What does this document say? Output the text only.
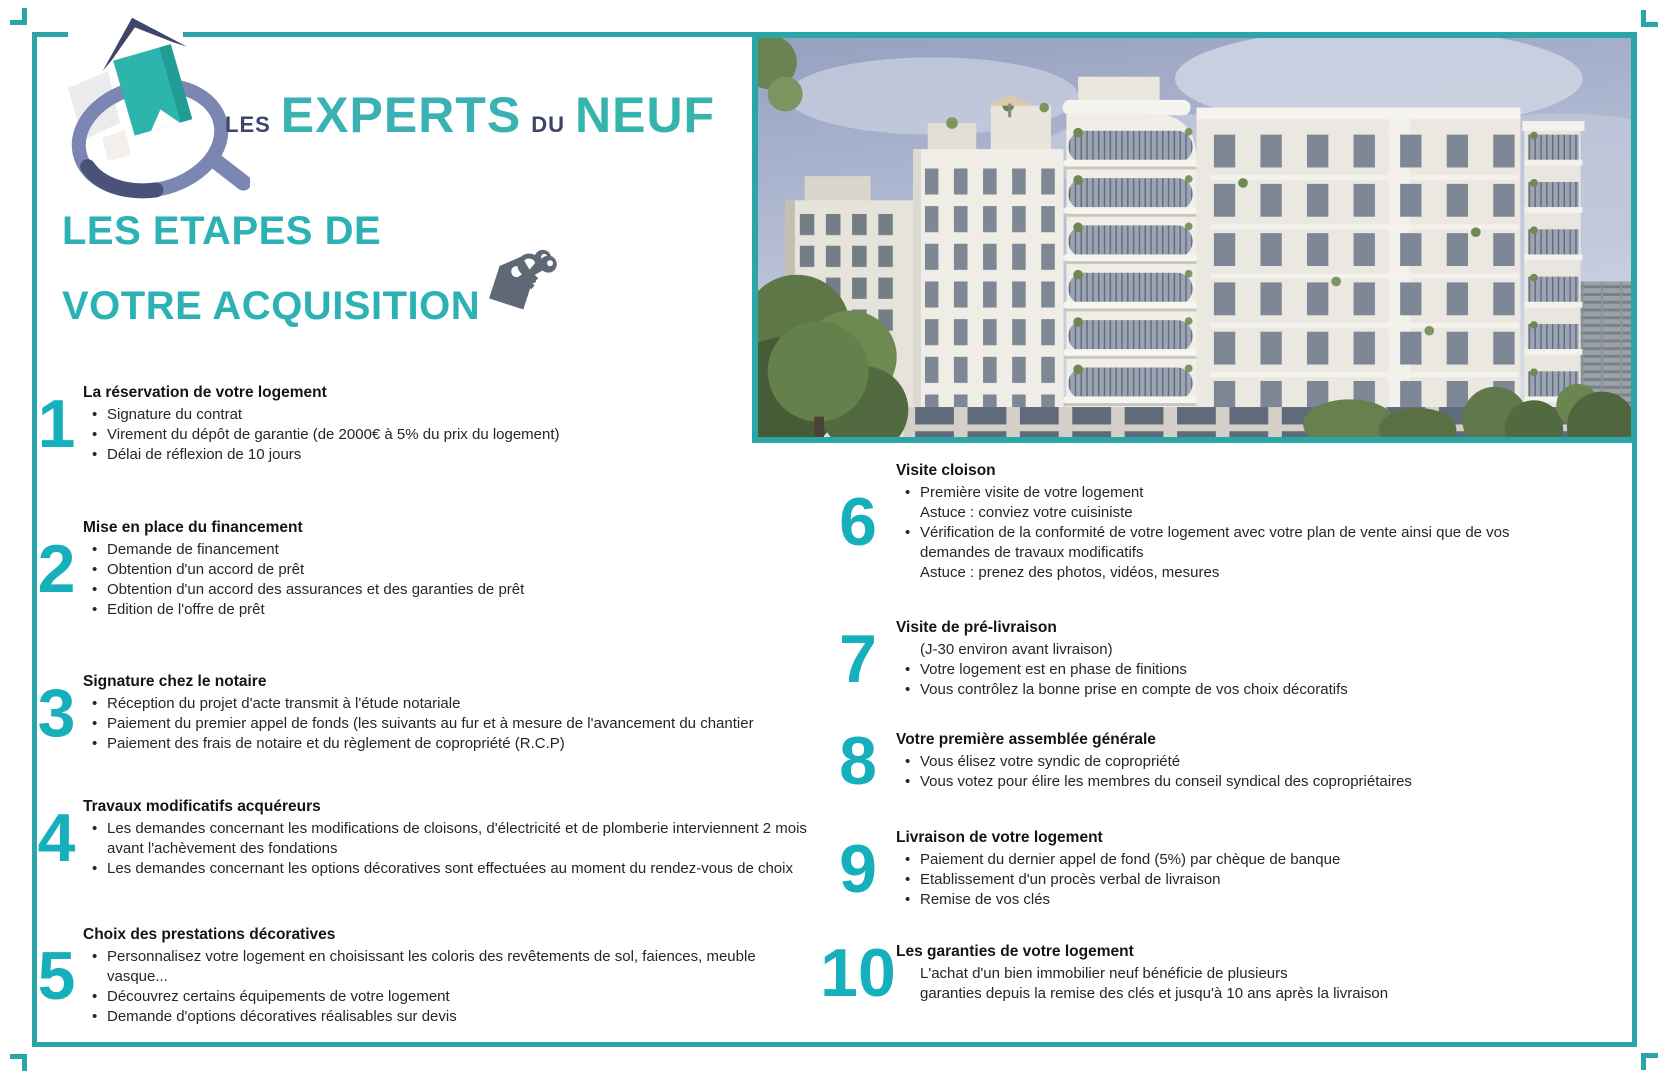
LES EXPERTS DU NEUF
LES ETAPES DE
VOTRE ACQUISITION
1 La réservation de votre logement
• Signature du contrat
• Virement du dépôt de garantie (de 2000€ à 5% du prix du logement)
• Délai de réflexion de 10 jours
2
Mise en place du financement
• Demande de financement
• Obtention d'un accord de prêt
• Obtention d'un accord des assurances et des garanties de prêt
• Edition de l'offre de prêt
3 Signature chez le notaire
• Réception du projet d'acte transmit à l'étude notariale
• Paiement du premier appel de fonds (les suivants au fur et à mesure de l'avancement du chantier
• Paiement des frais de notaire et du règlement de copropriété (R.C.P)
4 Travaux modificatifs acquéreurs
• Les demandes concernant les modifications de cloisons, d'électricité et de plomberie interviennent 2 mois avant l'achèvement des fondations
• Les demandes concernant les options décoratives sont effectuées au moment du rendez-vous de choix
5
Choix des prestations décoratives
• Personnalisez votre logement en choisissant les coloris des revêtements de sol, faiences, meuble vasque...
• Découvrez certains équipements de votre logement
• Demande d'options décoratives réalisables sur devis
6
Visite cloison
• Première visite de votre logement
Astuce : conviez votre cuisiniste
• Vérification de la conformité de votre logement avec votre plan de vente ainsi que de vos demandes de travaux modificatifs
Astuce : prenez des photos, vidéos, mesures
7	Visite de pré-livraison
(J-30 environ avant livraison)
• Votre logement est en phase de finitions
• Vous contrôlez la bonne prise en compte de vos choix décoratifs
8	Votre première assemblée générale
• Vous élisez votre syndic de copropriété
• Vous votez pour élire les membres du conseil syndical des copropriétaires
9	Livraison de votre logement
• Paiement du dernier appel de fond (5%) par chèque de banque
• Etablissement d'un procès verbal de livraison
• Remise de vos clés
10 Les garanties de votre logement
L'achat d'un bien immobilier neuf bénéficie de plusieurs
garanties depuis la remise des clés et jusqu'à 10 ans après la livraison
